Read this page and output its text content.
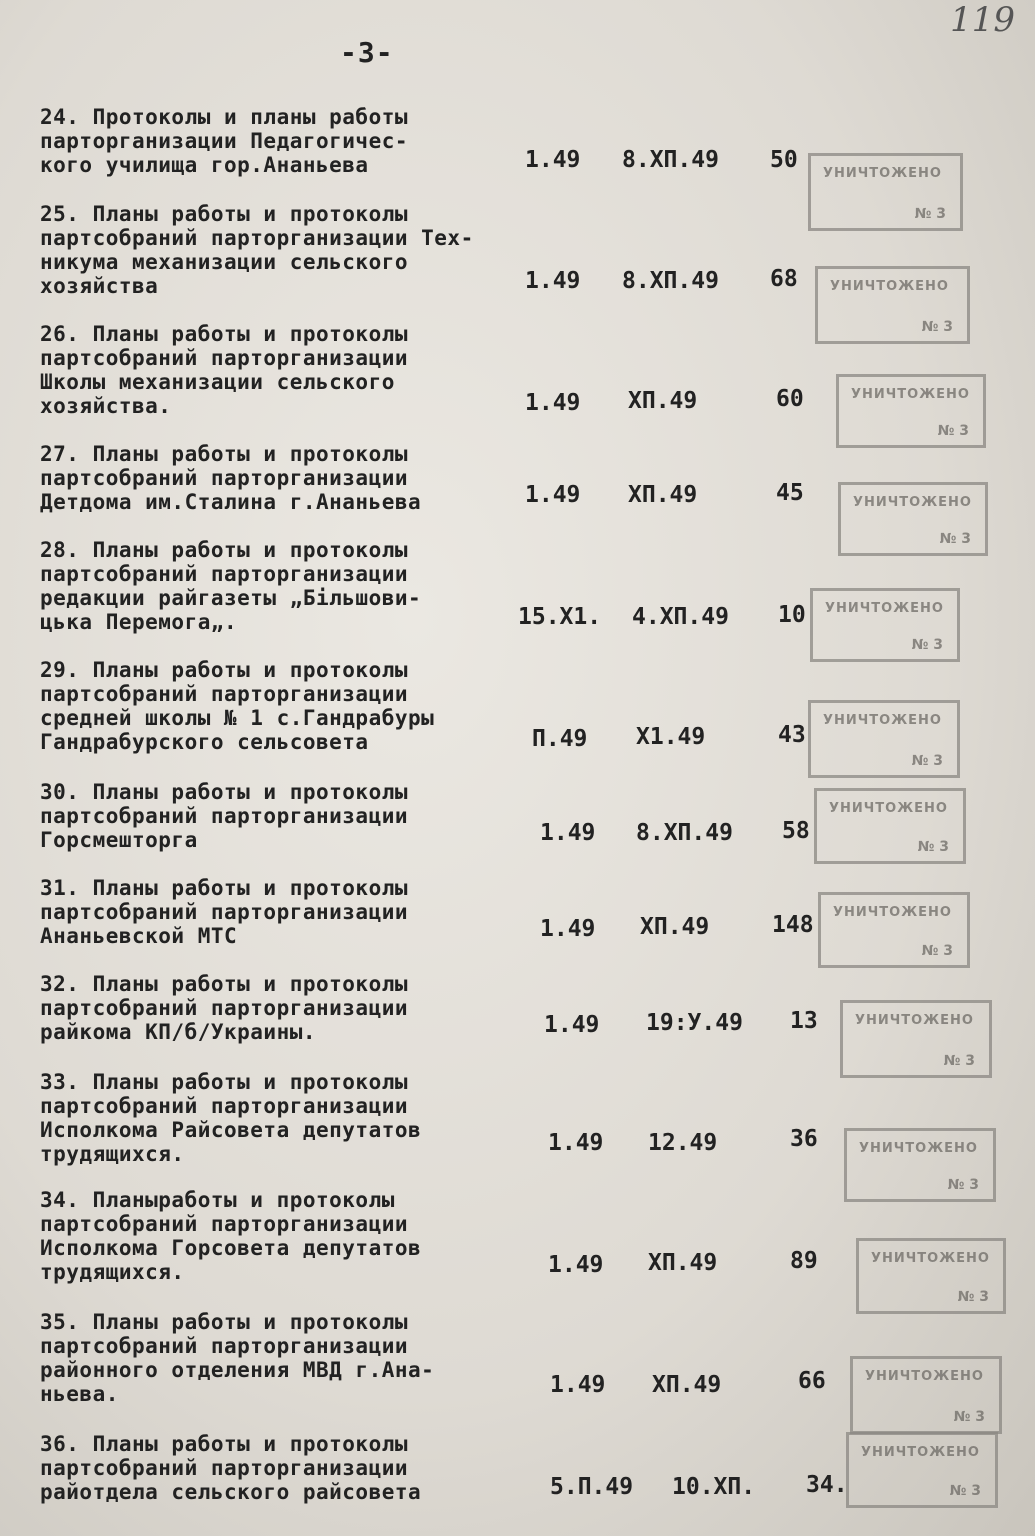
-3-
119
24. Протоколы и планы работы
парторганизации Педагогичес-
кого училища гор.Ананьева	1.49 8.ХП.49 50
УНИЧТОЖЕНО
№ 3
25. Планы работы и протоколы
партсобраний парторганизации Тех-
никума механизации сельского
хозяйства	1.49 8.ХП.49 68 УНИЧТОЖЕНО
№ 3
26. Планы работы и протоколы
партсобраний парторганизации
Школы механизации сельского
хозяйства.	1.49 ХП.49	60	УНИЧТОЖЕНО
№ 3
27. Планы работы и протоколы
партсобраний парторганизации
Детдома им.Сталина г.Ананьева	1.49 ХП.49	45	УНИЧТОЖЕНО
№ 3
28. Планы работы и протоколы
партсобраний парторганизации
редакции райгазеты „Більшови-
цька Перемога„.	15.Х1. 4.ХП.49 10 УНИЧТОЖЕНО
№ 3
29. Планы работы и протоколы
партсобраний парторганизации
средней школы № 1 с.Гандрабуры
Гандрабурского сельсовета	П.49 Х1.49	43
УНИЧТОЖЕНО
№ 3
30. Планы работы и протоколы
партсобраний парторганизации
Горсмешторга	1.49 8.ХП.49 58
УНИЧТОЖЕНО
№ 3
31. Планы работы и протоколы
партсобраний парторганизации
Ананьевской МТС	1.49 ХП.49	148 УНИЧТОЖЕНО
№ 3
32. Планы работы и протоколы
партсобраний парторганизации
райкома КП/б/Украины.	1.49 19:У.49 13	УНИЧТОЖЕНО
№ 3
33. Планы работы и протоколы
партсобраний парторганизации
Исполкома Райсовета депутатов
трудящихся.	1.49 12.49	36	УНИЧТОЖЕНО
№ 3
34. Планыработы и протоколы
партсобраний парторганизации
Исполкома Горсовета депутатов
трудящихся.	1.49 ХП.49	89	УНИЧТОЖЕНО
№ 3
35. Планы работы и протоколы
партсобраний парторганизации
районного отделения МВД г.Ана-
ньева.	1.49 ХП.49	66	УНИЧТОЖЕНО
№ 3
36. Планы работы и протоколы
партсобраний парторганизации
райотдела сельского райсовета	5.П.49 10.ХП. 34.
УНИЧТОЖЕНО
№ 3
